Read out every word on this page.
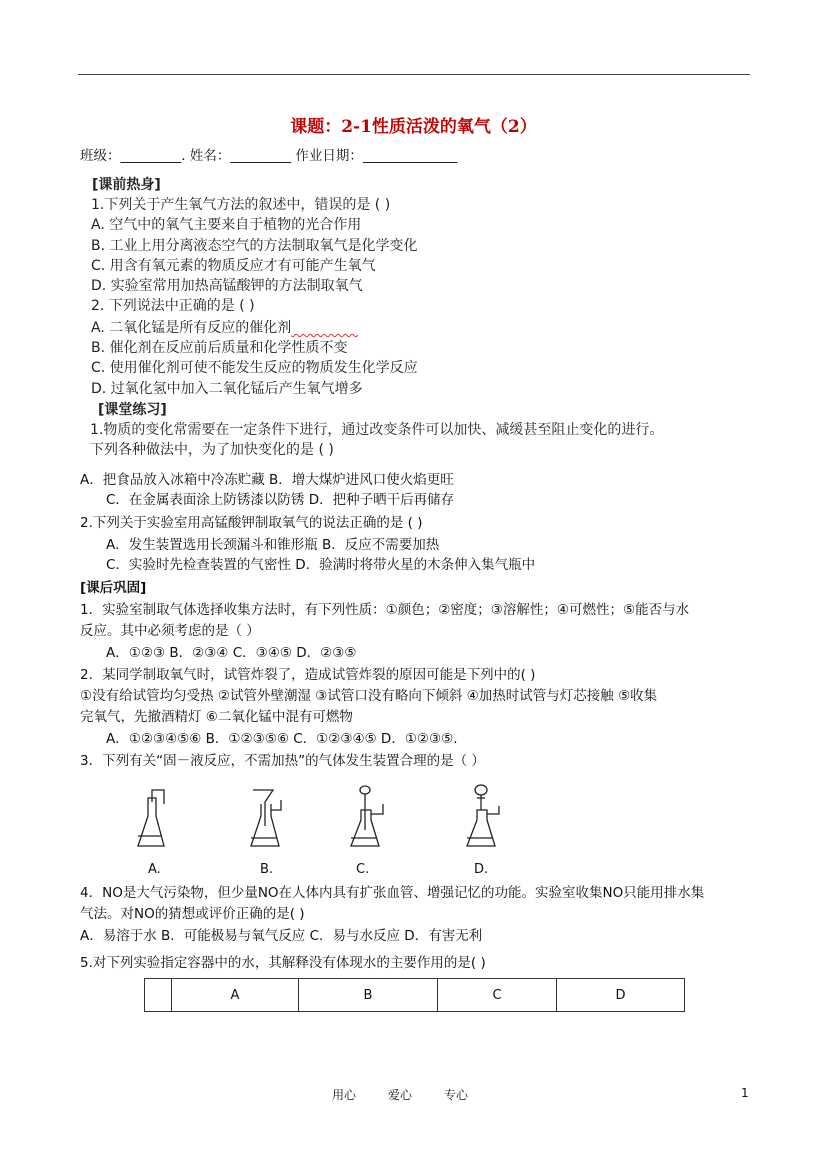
课题：2-1性质活泼的氧气（2）
班级：_________. 姓名：_________ 作业日期：______________
[课前热身]
1.下列关于产生氧气方法的叙述中，错误的是 ( )
A. 空气中的氧气主要来自于植物的光合作用
B. 工业上用分离液态空气的方法制取氧气是化学变化
C. 用含有氧元素的物质反应才有可能产生氧气
D. 实验室常用加热高锰酸钾的方法制取氧气
2. 下列说法中正确的是 ( )
A. 二氧化锰是所有反应的催化剂
B. 催化剂在反应前后质量和化学性质不变
C. 使用催化剂可使不能发生反应的物质发生化学反应
D. 过氧化氢中加入二氧化锰后产生氧气增多
[课堂练习]
1.物质的变化常需要在一定条件下进行，通过改变条件可以加快、减缓甚至阻止变化的进行。
下列各种做法中，为了加快变化的是 ( )
A．把食品放入冰箱中冷冻贮藏 B．增大煤炉进风口使火焰更旺
C．在金属表面涂上防锈漆以防锈 D．把种子晒干后再储存
2.下列关于实验室用高锰酸钾制取氧气的说法正确的是 ( )
A．发生装置选用长颈漏斗和锥形瓶 B．反应不需要加热
C．实验时先检查装置的气密性 D．验满时将带火星的木条伸入集气瓶中
[课后巩固]
1．实验室制取气体选择收集方法时，有下列性质：①颜色；②密度；③溶解性；④可燃性；⑤能否与水
反应。其中必须考虑的是（ ）
A．①②③ B．②③④ C．③④⑤ D．②③⑤
2．某同学制取氧气时，试管炸裂了，造成试管炸裂的原因可能是下列中的( )
①没有给试管均匀受热 ②试管外壁潮湿 ③试管口没有略向下倾斜 ④加热时试管与灯芯接触 ⑤收集
完氧气，先撤酒精灯 ⑥二氧化锰中混有可燃物
A．①②③④⑤⑥ B．①②③⑤⑥ C．①②③④⑤ D．①②③⑤.
3．下列有关“固－液反应，不需加热”的气体发生装置合理的是（ ）
A.	B.	C.	D.
4．NO是大气污染物，但少量NO在人体内具有扩张血管、增强记忆的功能。实验室收集NO只能用排水集
气法。对NO的猜想或评价正确的是( )
A．易溶于水 B．可能极易与氧气反应 C．易与水反应 D．有害无利
5.对下列实验指定容器中的水，其解释没有体现水的主要作用的是( )
	A	B	C	D
用心	爱心	专心	1
